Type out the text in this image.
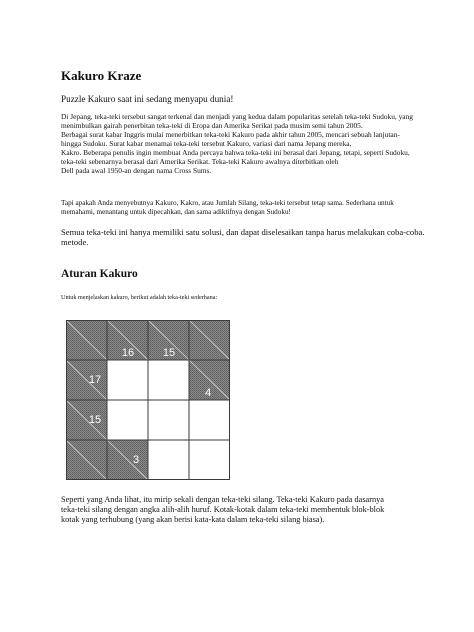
Kakuro Kraze
Puzzle Kakuro saat ini sedang menyapu dunia!
Di Jepang, teka-teki tersebut sangat terkenal dan menjadi yang kedua dalam popularitas setelah teka-teki Sudoku, yang
menimbulkan gairah penerbitan teka-teki di Eropa dan Amerika Serikat pada musim semi tahun 2005.
Berbagai surat kabar Inggris mulai menerbitkan teka-teki Kakuro pada akhir tahun 2005, mencari sebuah lanjutan-
hingga Sudoku. Surat kabar menamai teka-teki tersebut Kakuro, variasi dari nama Jepang mereka,
Kakro. Beberapa penulis ingin membuat Anda percaya bahwa teka-teki ini berasal dari Jepang, tetapi, seperti Sudoku,
teka-teki sebenarnya berasal dari Amerika Serikat. Teka-teki Kakuro awalnya diterbitkan oleh
Dell pada awal 1950-an dengan nama Cross Sums.
Tapi apakah Anda menyebutnya Kakuro, Kakro, atau Jumlah Silang, teka-teki tersebut tetap sama. Sederhana untuk
memahami, menantang untuk dipecahkan, dan sama adiktifnya dengan Sudoku!
Semua teka-teki ini hanya memiliki satu solusi, dan dapat diselesaikan tanpa harus melakukan coba-coba.
metode.
Aturan Kakuro
Untuk menjelaskan kakuro, berikut adalah teka-teki sederhana:
16	15
17
4
15
3
Seperti yang Anda lihat, itu mirip sekali dengan teka-teki silang. Teka-teki Kakuro pada dasarnya
teka-teki silang dengan angka alih-alih huruf. Kotak-kotak dalam teka-teki membentuk blok-blok
kotak yang terhubung (yang akan berisi kata-kata dalam teka-teki silang biasa).
